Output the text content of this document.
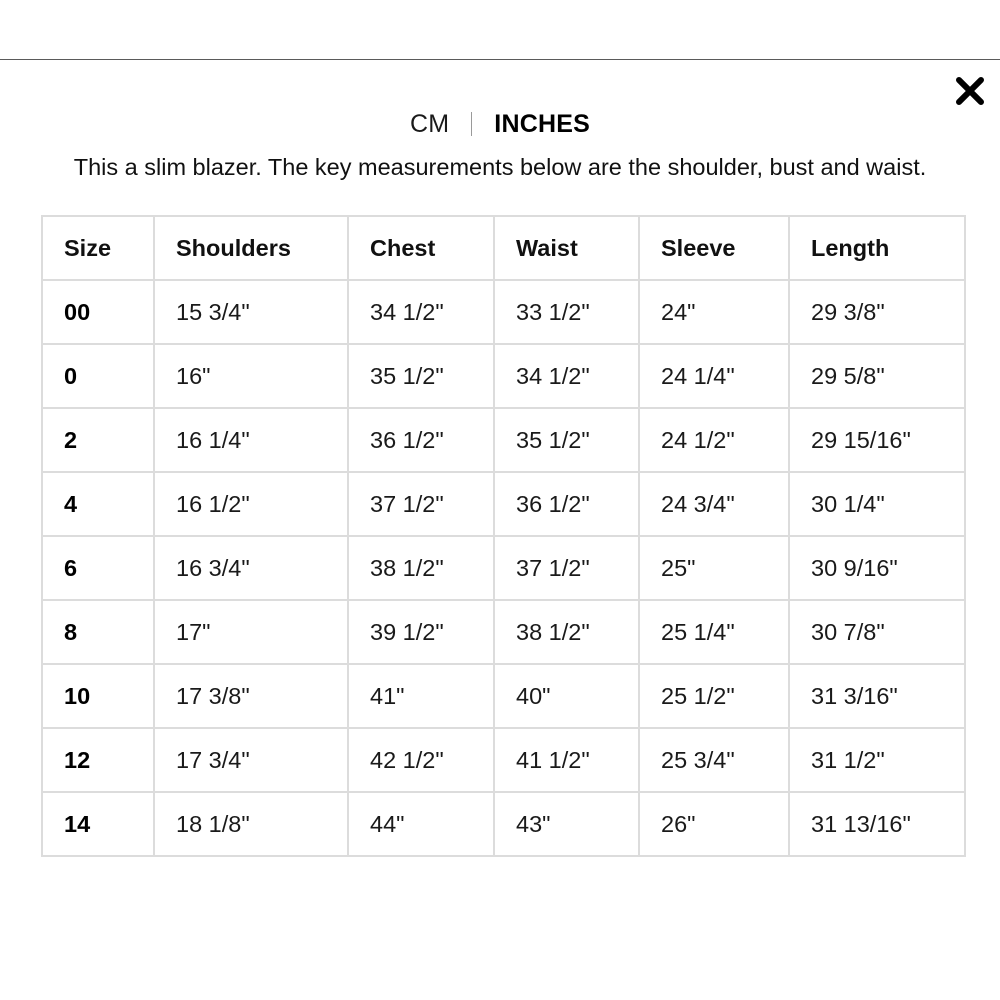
CM INCHES
This a slim blazer. The key measurements below are the shoulder, bust and waist.
Size	Shoulders	Chest	Waist	Sleeve	Length
00	15 3/4"	34 1/2"	33 1/2"	24"	29 3/8"
0	16"	35 1/2"	34 1/2"	24 1/4"	29 5/8"
2	16 1/4"	36 1/2"	35 1/2"	24 1/2"	29 15/16"
4	16 1/2"	37 1/2"	36 1/2"	24 3/4"	30 1/4"
6	16 3/4"	38 1/2"	37 1/2"	25"	30 9/16"
8	17"	39 1/2"	38 1/2"	25 1/4"	30 7/8"
10	17 3/8"	41"	40"	25 1/2"	31 3/16"
12	17 3/4"	42 1/2"	41 1/2"	25 3/4"	31 1/2"
14	18 1/8"	44"	43"	26"	31 13/16"
